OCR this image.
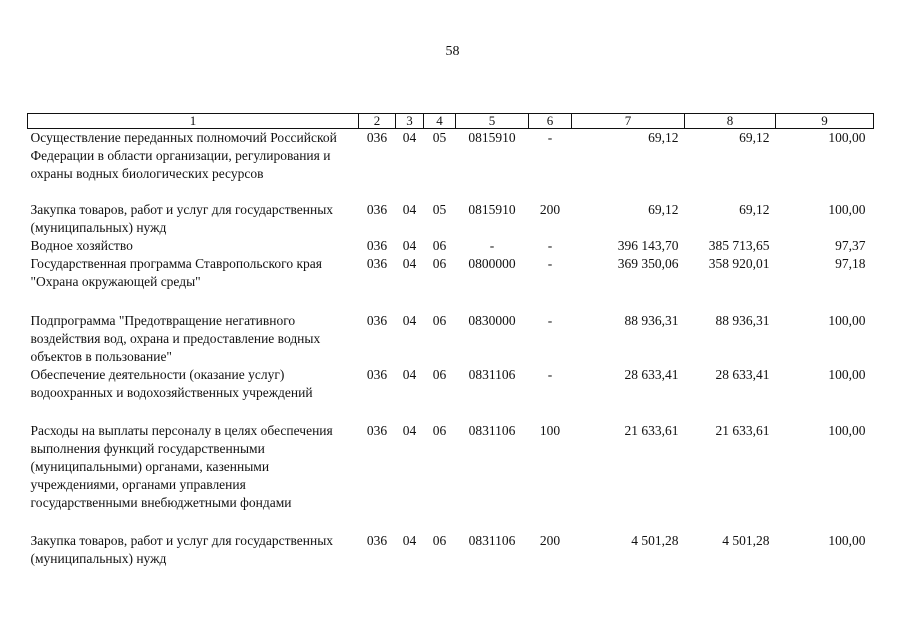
58
1	2	3	4	5	6	7	8	9
Осуществление переданных полномочий Российской Федерации в области организации, регулирования и охраны водных биологических ресурсов	036	04	05	0815910	-	69,12	69,12	100,00
Закупка товаров, работ и услуг для государственных (муниципальных) нужд	036	04	05	0815910	200	69,12	69,12	100,00
Водное хозяйство	036	04	06	-	-	396 143,70	385 713,65	97,37
Государственная программа Ставропольского края "Охрана окружающей среды"	036	04	06	0800000	-	369 350,06	358 920,01	97,18
Подпрограмма "Предотвращение негативного воздействия вод, охрана и предоставление водных объектов в пользование"	036	04	06	0830000	-	88 936,31	88 936,31	100,00
Обеспечение деятельности (оказание услуг) водоохранных и водохозяйственных учреждений	036	04	06	0831106	-	28 633,41	28 633,41	100,00
Расходы на выплаты персоналу в целях обеспечения выполнения функций государственными (муниципальными) органами, казенными учреждениями, органами управления государственными внебюджетными фондами	036	04	06	0831106	100	21 633,61	21 633,61	100,00
Закупка товаров, работ и услуг для государственных (муниципальных) нужд	036	04	06	0831106	200	4 501,28	4 501,28	100,00
